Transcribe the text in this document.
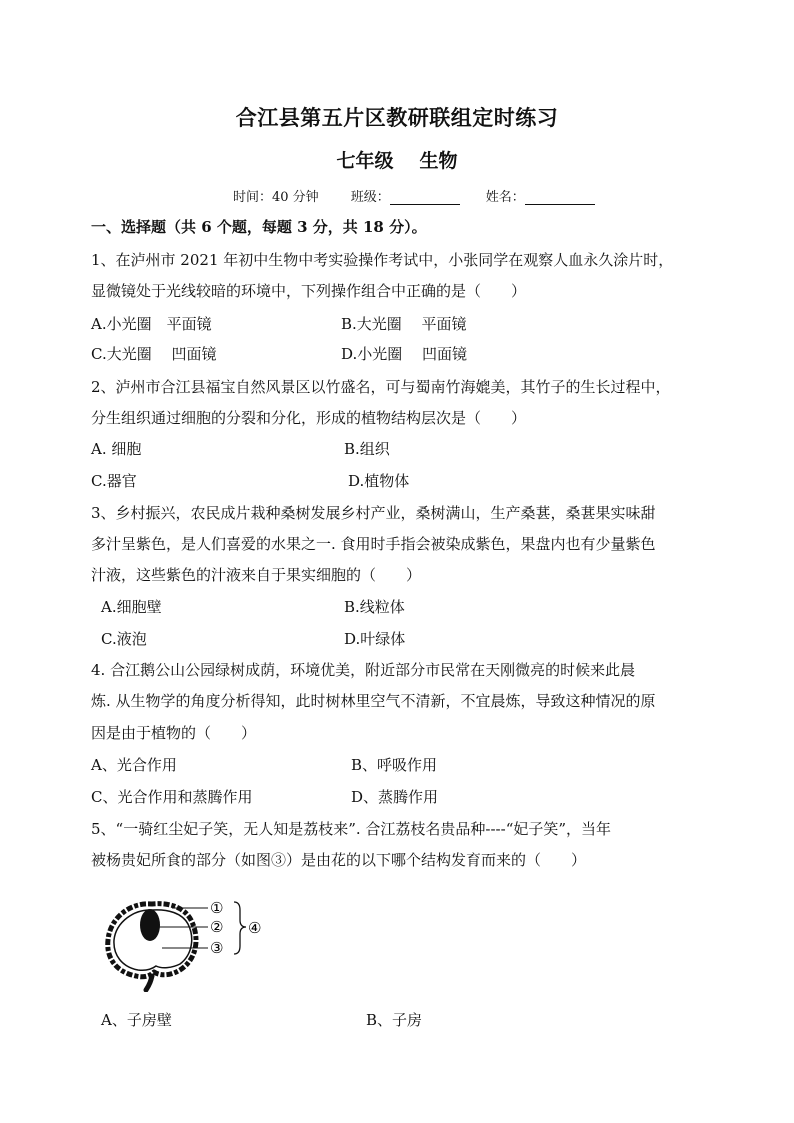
合江县第五片区教研联组定时练习
七年级 生物
时间：40 分钟 班级：	姓名：
一、选择题（共 6 个题，每题 3 分，共 18 分）。
1、在泸州市 2021 年初中生物中考实验操作考试中，小张同学在观察人血永久涂片时，
显微镜处于光线较暗的环境中，下列操作组合中正确的是（　　）
A.小光圈　平面镜	B.大光圈　 平面镜
C.大光圈　 凹面镜	D.小光圈　 凹面镜
2、泸州市合江县福宝自然风景区以竹盛名，可与蜀南竹海媲美，其竹子的生长过程中，
分生组织通过细胞的分裂和分化，形成的植物结构层次是（　　）
A. 细胞	B.组织
C.器官	D.植物体
3、乡村振兴，农民成片栽种桑树发展乡村产业，桑树满山，生产桑葚，桑葚果实味甜
多汁呈紫色，是人们喜爱的水果之一. 食用时手指会被染成紫色，果盘内也有少量紫色
汁液，这些紫色的汁液来自于果实细胞的（　　）
A.细胞壁	B.线粒体
C.液泡	D.叶绿体
4. 合江鹅公山公园绿树成荫，环境优美，附近部分市民常在天刚微亮的时候来此晨
炼. 从生物学的角度分析得知，此时树林里空气不清新，不宜晨炼，导致这种情况的原
因是由于植物的（　　）
A、光合作用	B、呼吸作用
C、光合作用和蒸腾作用	D、蒸腾作用
5、“一骑红尘妃子笑，无人知是荔枝来”. 合江荔枝名贵品种----“妃子笑”，当年
被杨贵妃所食的部分（如图③）是由花的以下哪个结构发育而来的（　　）
①
②
③
④
A、子房壁	B、子房
